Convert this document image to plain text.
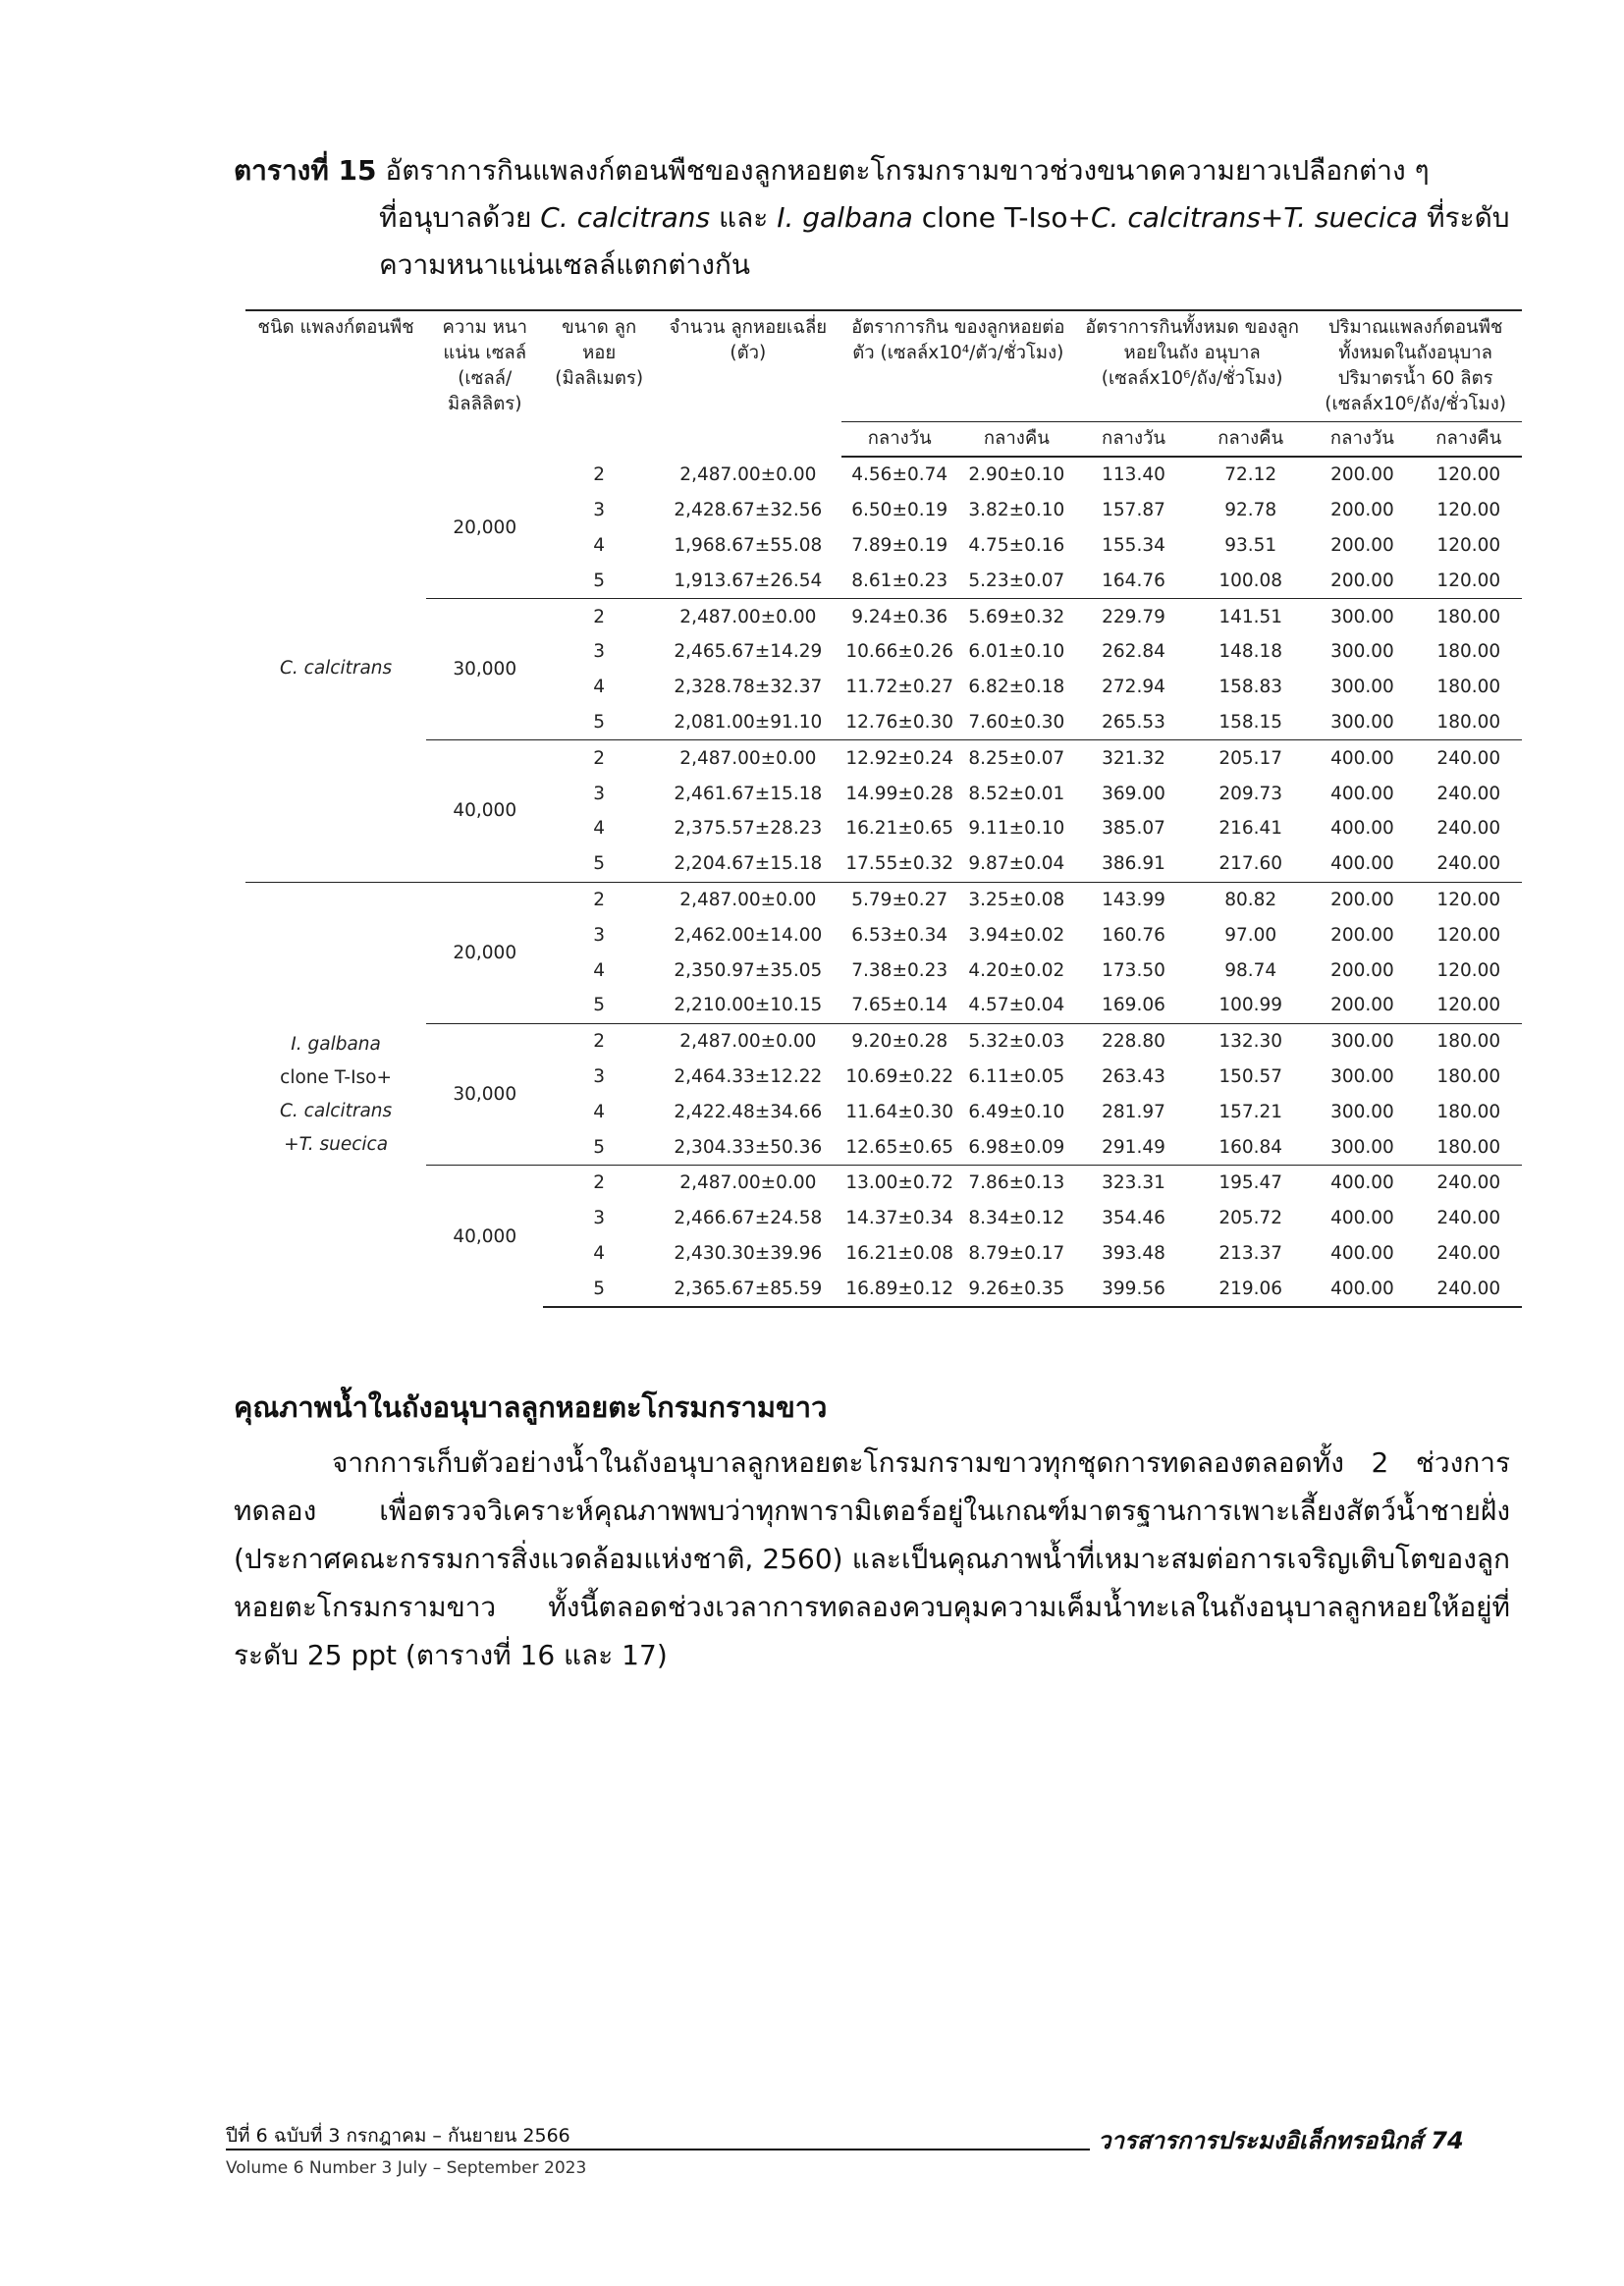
ตารางที่ 15 อัตราการกินแพลงก์ตอนพืชของลูกหอยตะโกรมกรามขาวช่วงขนาดความยาวเปลือกต่าง ๆ
ที่อนุบาลด้วย C. calcitrans และ I. galbana clone T-Iso+C. calcitrans+T. suecica ที่ระดับ
ความหนาแน่นเซลล์แตกต่างกัน
ชนิด แพลงก์ตอนพืช	ความ หนาแน่น เซลล์ (เซลล์/ มิลลิลิตร)	ขนาด ลูกหอย (มิลลิเมตร)	จำนวน ลูกหอยเฉลี่ย (ตัว)	อัตราการกิน ของลูกหอยต่อตัว (เซลล์x10⁴/ตัว/ชั่วโมง)		อัตราการกินทั้งหมด ของลูกหอยในถัง อนุบาล (เซลล์x10⁶/ถัง/ชั่วโมง)		ปริมาณแพลงก์ตอนพืช ทั้งหมดในถังอนุบาล ปริมาตรน้ำ 60 ลิตร (เซลล์x10⁶/ถัง/ชั่วโมง)	
				กลางวัน	กลางคืน	กลางวัน	กลางคืน	กลางวัน	กลางคืน

C. calcitrans	20,000	2	2,487.00±0.00	4.56±0.74	2.90±0.10	113.40	72.12	200.00	120.00
		3	2,428.67±32.56	6.50±0.19	3.82±0.10	157.87	92.78	200.00	120.00
		4	1,968.67±55.08	7.89±0.19	4.75±0.16	155.34	93.51	200.00	120.00
		5	1,913.67±26.54	8.61±0.23	5.23±0.07	164.76	100.08	200.00	120.00
	30,000	2	2,487.00±0.00	9.24±0.36	5.69±0.32	229.79	141.51	300.00	180.00
		3	2,465.67±14.29	10.66±0.26	6.01±0.10	262.84	148.18	300.00	180.00
		4	2,328.78±32.37	11.72±0.27	6.82±0.18	272.94	158.83	300.00	180.00
		5	2,081.00±91.10	12.76±0.30	7.60±0.30	265.53	158.15	300.00	180.00
	40,000	2	2,487.00±0.00	12.92±0.24	8.25±0.07	321.32	205.17	400.00	240.00
		3	2,461.67±15.18	14.99±0.28	8.52±0.01	369.00	209.73	400.00	240.00
		4	2,375.57±28.23	16.21±0.65	9.11±0.10	385.07	216.41	400.00	240.00
		5	2,204.67±15.18	17.55±0.32	9.87±0.04	386.91	217.60	400.00	240.00

I. galbana
clone T-Iso+
C. calcitrans
+T. suecica	20,000	2	2,487.00±0.00	5.79±0.27	3.25±0.08	143.99	80.82	200.00	120.00
		3	2,462.00±14.00	6.53±0.34	3.94±0.02	160.76	97.00	200.00	120.00
		4	2,350.97±35.05	7.38±0.23	4.20±0.02	173.50	98.74	200.00	120.00
		5	2,210.00±10.15	7.65±0.14	4.57±0.04	169.06	100.99	200.00	120.00
	30,000	2	2,487.00±0.00	9.20±0.28	5.32±0.03	228.80	132.30	300.00	180.00
		3	2,464.33±12.22	10.69±0.22	6.11±0.05	263.43	150.57	300.00	180.00
		4	2,422.48±34.66	11.64±0.30	6.49±0.10	281.97	157.21	300.00	180.00
		5	2,304.33±50.36	12.65±0.65	6.98±0.09	291.49	160.84	300.00	180.00
	40,000	2	2,487.00±0.00	13.00±0.72	7.86±0.13	323.31	195.47	400.00	240.00
		3	2,466.67±24.58	14.37±0.34	8.34±0.12	354.46	205.72	400.00	240.00
		4	2,430.30±39.96	16.21±0.08	8.79±0.17	393.48	213.37	400.00	240.00
		5	2,365.67±85.59	16.89±0.12	9.26±0.35	399.56	219.06	400.00	240.00
คุณภาพน้ำในถังอนุบาลลูกหอยตะโกรมกรามขาว
จากการเก็บตัวอย่างน้ำในถังอนุบาลลูกหอยตะโกรมกรามขาวทุกชุดการทดลองตลอดทั้ง 2 ช่วงการทดลอง เพื่อตรวจวิเคราะห์คุณภาพพบว่าทุกพารามิเตอร์อยู่ในเกณฑ์มาตรฐานการเพาะเลี้ยงสัตว์น้ำชายฝั่ง (ประกาศคณะกรรมการสิ่งแวดล้อมแห่งชาติ, 2560) และเป็นคุณภาพน้ำที่เหมาะสมต่อการเจริญเติบโตของลูกหอยตะโกรมกรามขาว ทั้งนี้ตลอดช่วงเวลาการทดลองควบคุมความเค็มน้ำทะเลในถังอนุบาลลูกหอยให้อยู่ที่ระดับ 25 ppt (ตารางที่ 16 และ 17)
ปีที่ 6 ฉบับที่ 3 กรกฎาคม – กันยายน 2566
Volume 6 Number 3 July – September 2023
วารสารการประมงอิเล็กทรอนิกส์ 74
